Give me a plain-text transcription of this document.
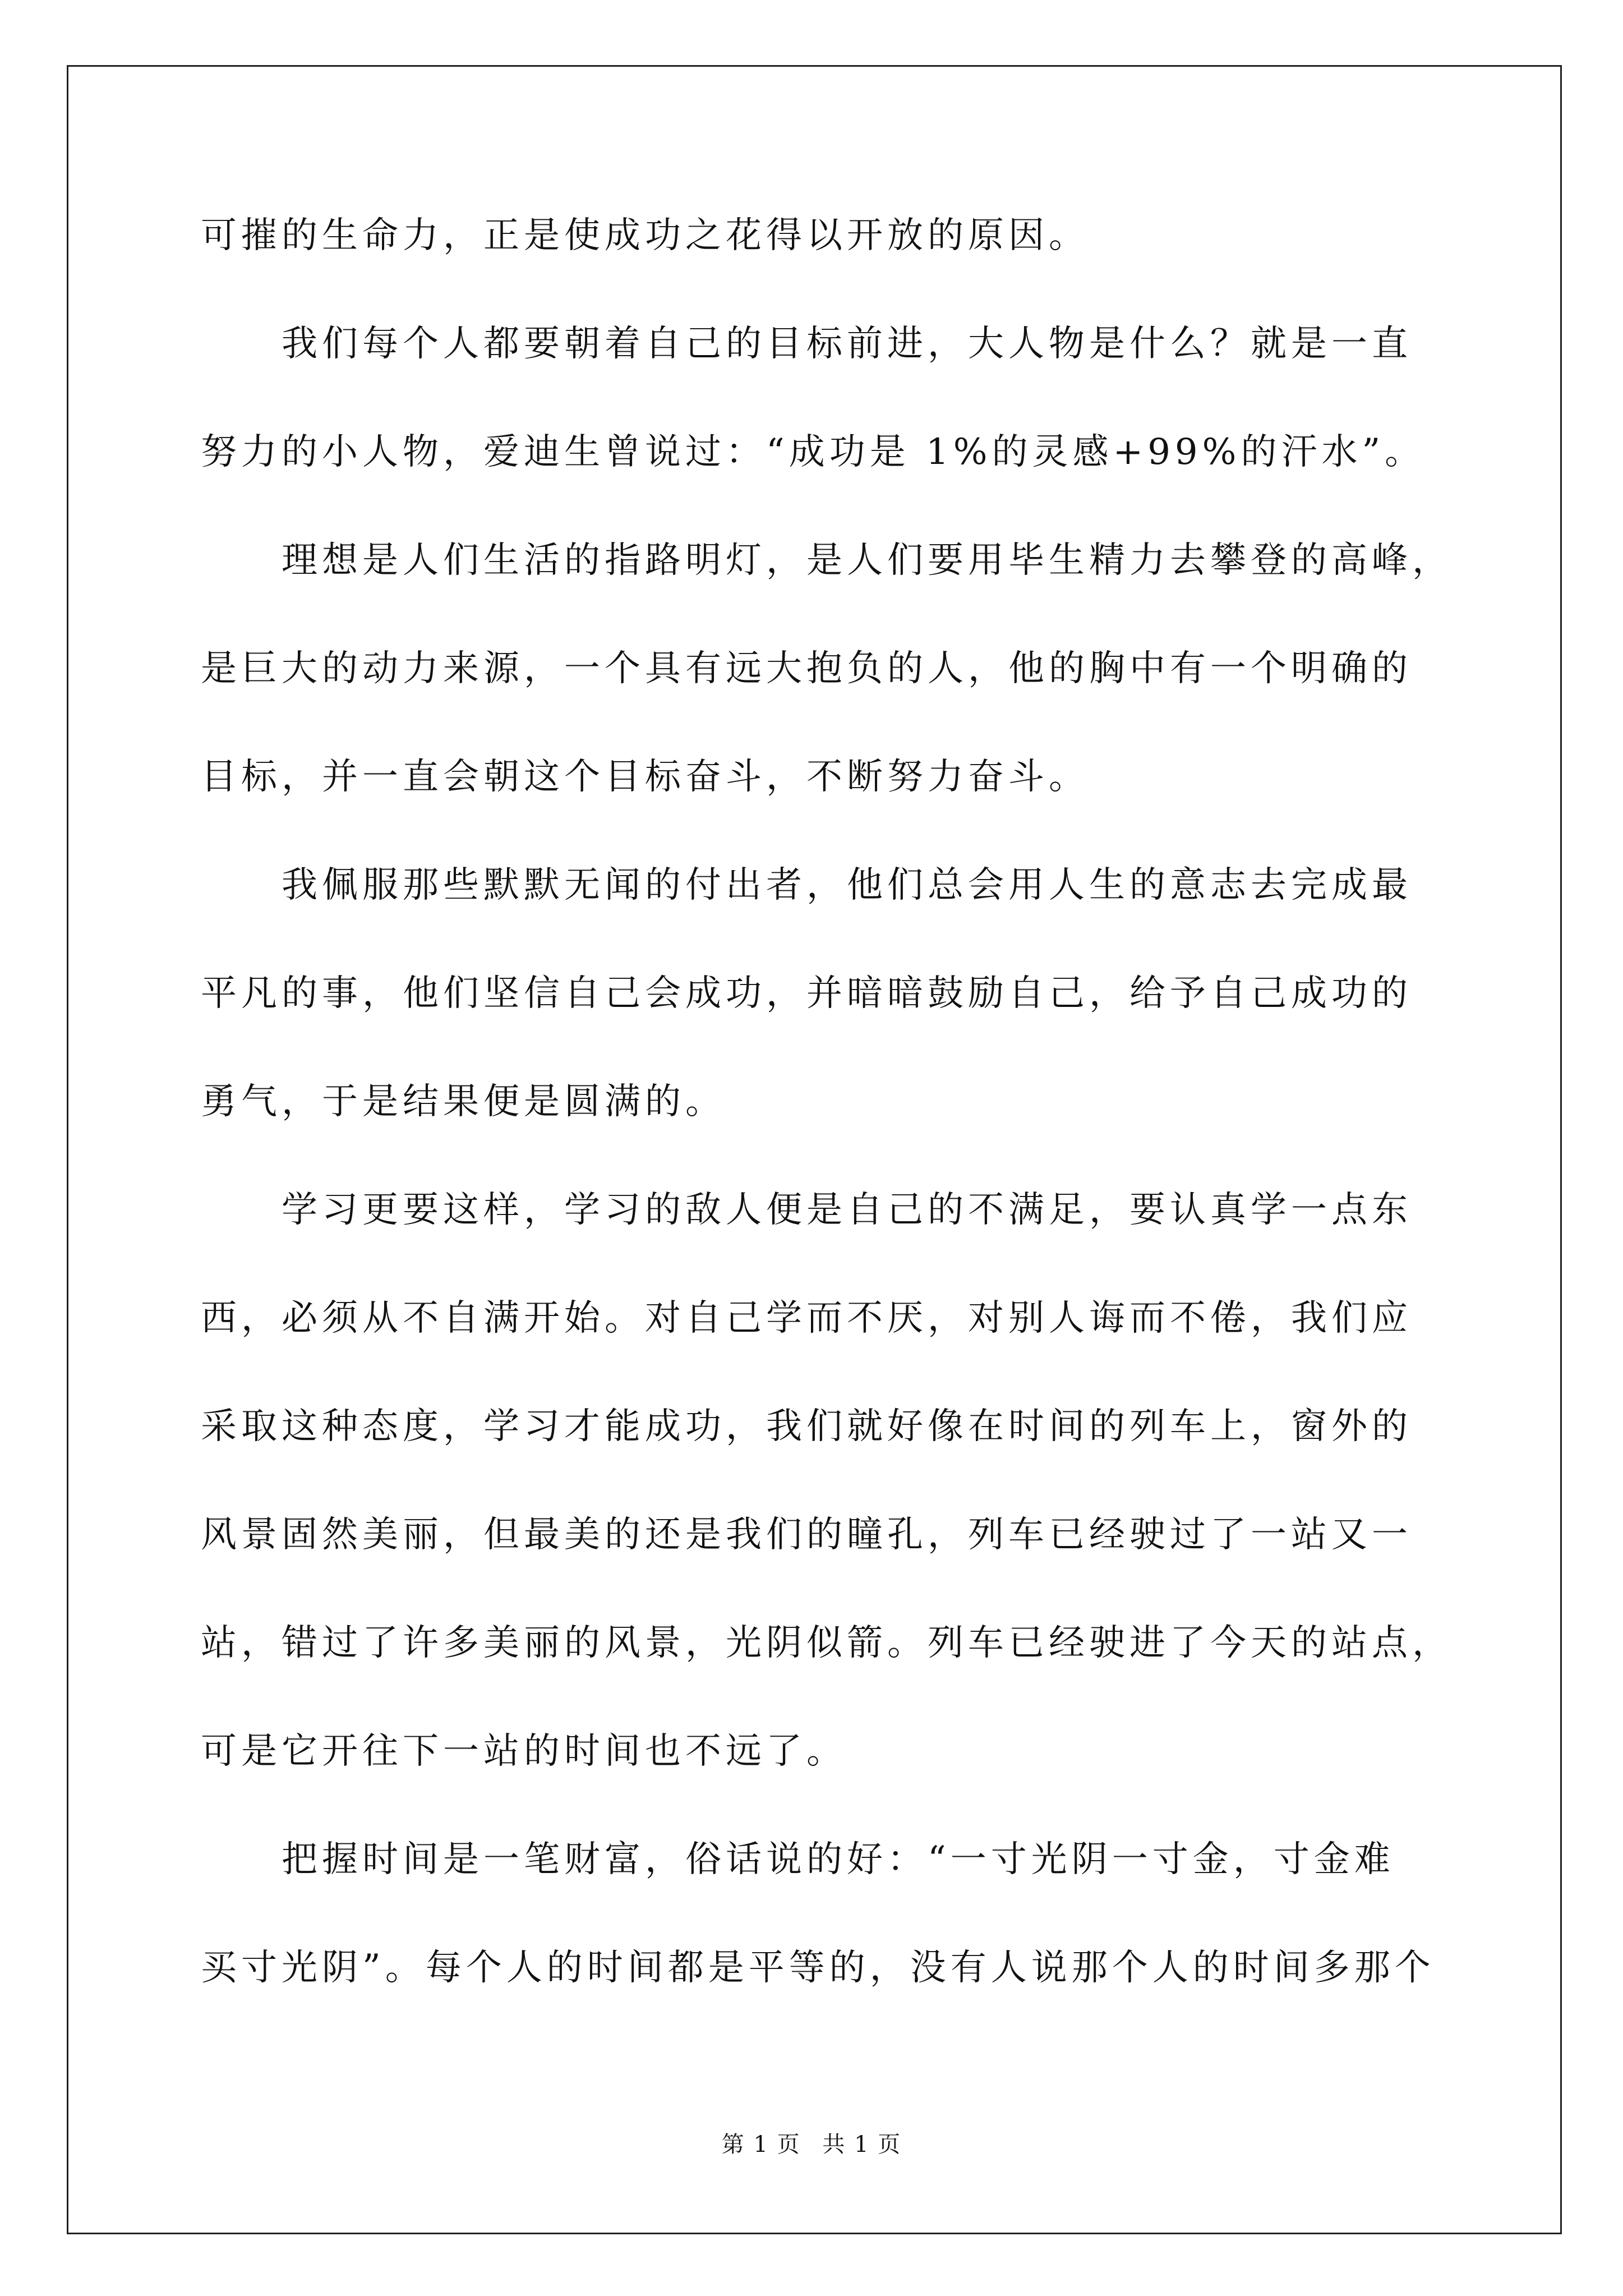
可摧的生命力，正是使成功之花得以开放的原因。
　　我们每个人都要朝着自己的目标前进，大人物是什么？就是一直
努力的小人物，爱迪生曾说过：“成功是 1%的灵感+99%的汗水”。
　　理想是人们生活的指路明灯，是人们要用毕生精力去攀登的高峰，
是巨大的动力来源，一个具有远大抱负的人，他的胸中有一个明确的
目标，并一直会朝这个目标奋斗，不断努力奋斗。
　　我佩服那些默默无闻的付出者，他们总会用人生的意志去完成最
平凡的事，他们坚信自己会成功，并暗暗鼓励自己，给予自己成功的
勇气，于是结果便是圆满的。
　　学习更要这样，学习的敌人便是自己的不满足，要认真学一点东
西，必须从不自满开始。对自己学而不厌，对别人诲而不倦，我们应
采取这种态度，学习才能成功，我们就好像在时间的列车上，窗外的
风景固然美丽，但最美的还是我们的瞳孔，列车已经驶过了一站又一
站，错过了许多美丽的风景，光阴似箭。列车已经驶进了今天的站点，
可是它开往下一站的时间也不远了。
　　把握时间是一笔财富，俗话说的好：“一寸光阴一寸金，寸金难
买寸光阴”。每个人的时间都是平等的，没有人说那个人的时间多那个
第 1 页 共 1 页
